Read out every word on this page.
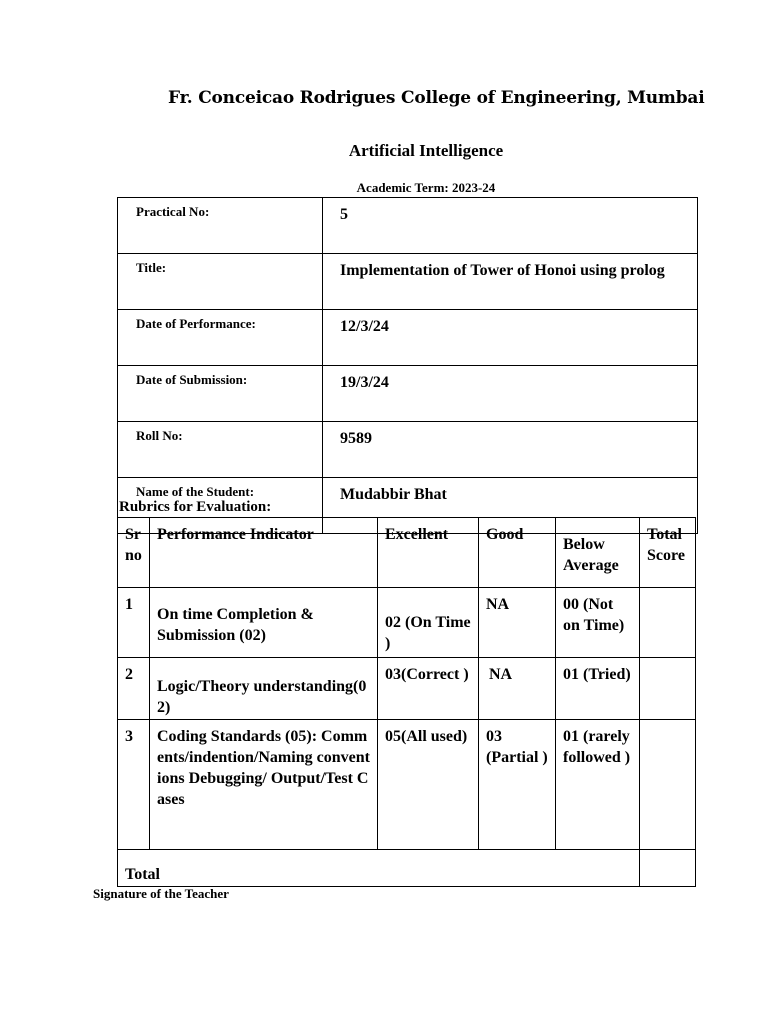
Fr. Conceicao Rodrigues College of Engineering, Mumbai
Artificial Intelligence
Academic Term: 2023-24
Practical No:	5
Title:	Implementation of Tower of Honoi using prolog
Date of Performance:	12/3/24
Date of Submission:	19/3/24
Roll No:	9589
Name of the Student:	Mudabbir Bhat
Rubrics for Evaluation:
Srno	Performance Indicator	Excellent	Good	Below Average	Total Score
1	On time Completion & Submission (02)	02 (On Time )	NA	00 (Not on Time)	
2	Logic/Theory understanding(0 2)	03(Correct )	NA	01 (Tried)	
3	Coding Standards (05): Comments/indention/Naming conventions Debugging/ Output/Test Cases	05(All used)	03 (Partial )	01 (rarely followed )	
Total					
Signature of the Teacher
